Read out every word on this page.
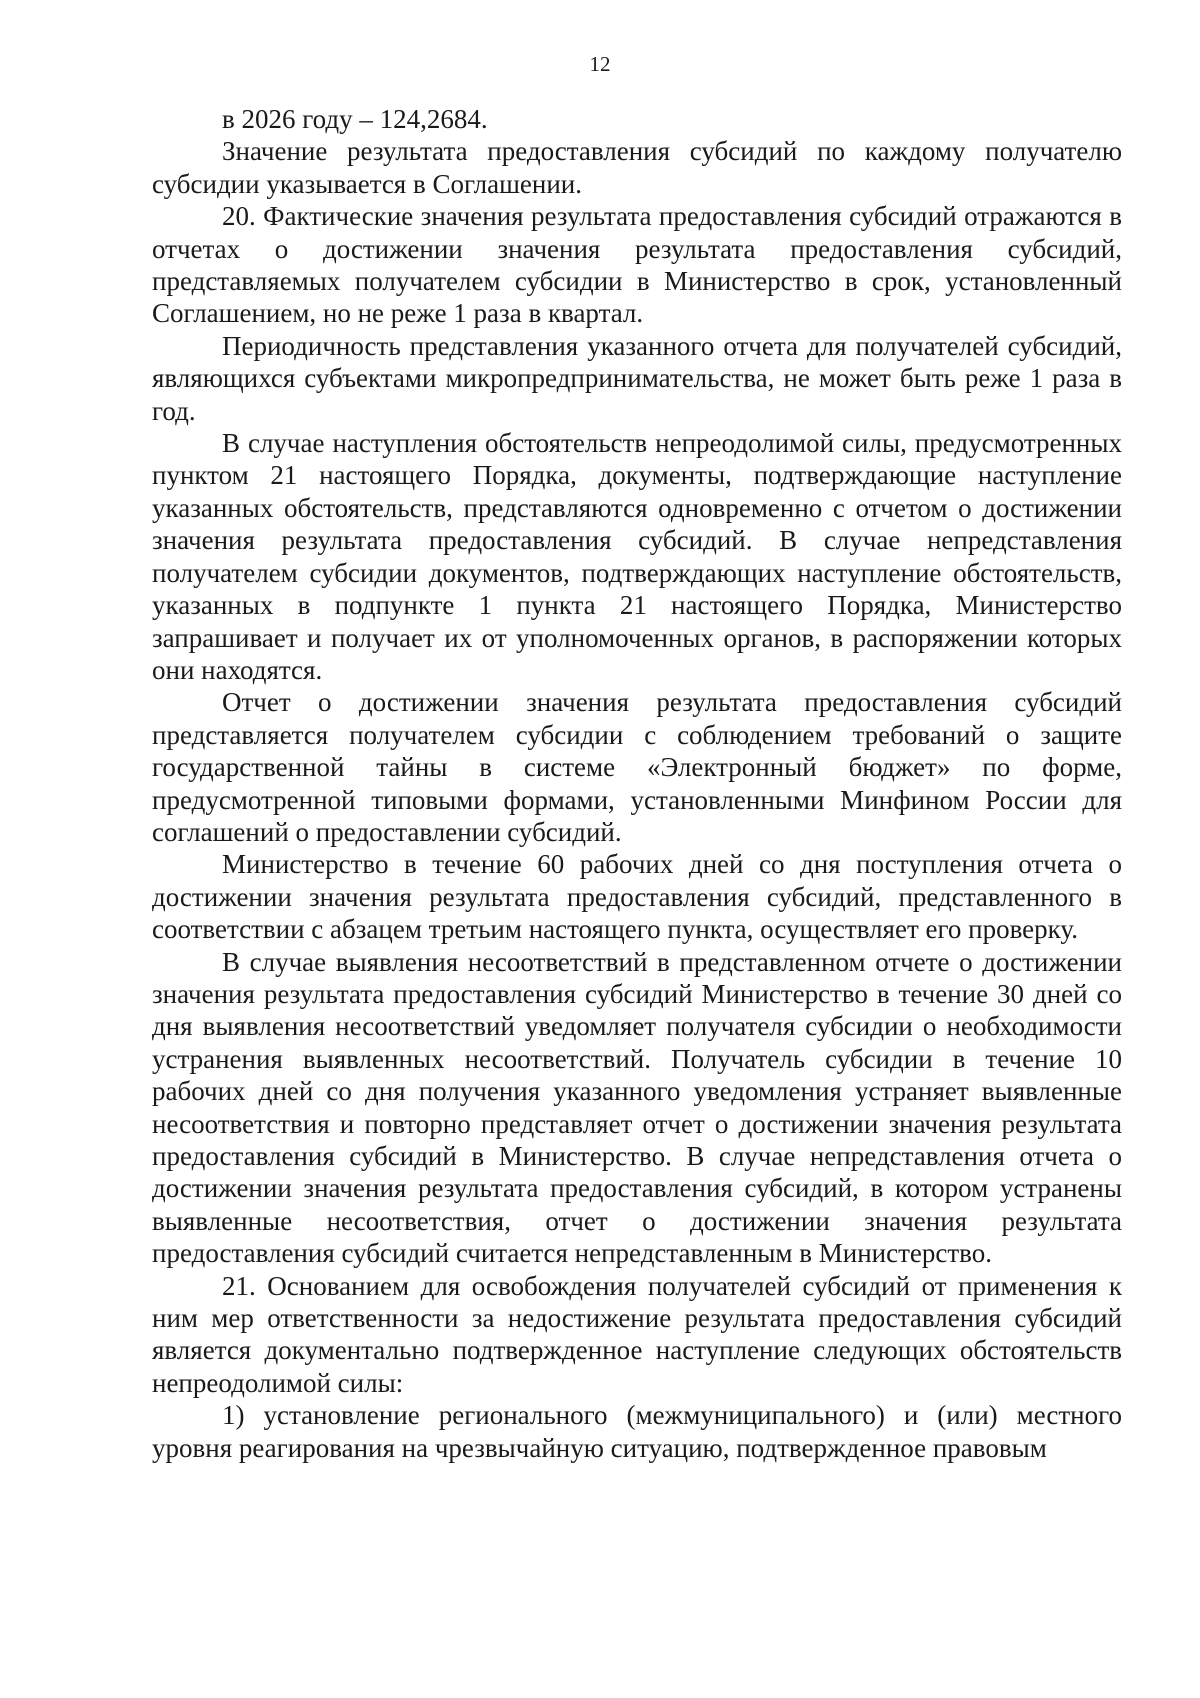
12

в 2026 году – 124,2684.

Значение результата предоставления субсидий по каждому получателю субсидии указывается в Соглашении.

20. Фактические значения результата предоставления субсидий отражаются в отчетах о достижении значения результата предоставления субсидий, представляемых получателем субсидии в Министерство в срок, установленный Соглашением, но не реже 1 раза в квартал.

Периодичность представления указанного отчета для получателей субсидий, являющихся субъектами микропредпринимательства, не может быть реже 1 раза в год.

В случае наступления обстоятельств непреодолимой силы, предусмотренных пунктом 21 настоящего Порядка, документы, подтверждающие наступление указанных обстоятельств, представляются одновременно с отчетом о достижении значения результата предоставления субсидий. В случае непредставления получателем субсидии документов, подтверждающих наступление обстоятельств, указанных в подпункте 1 пункта 21 настоящего Порядка, Министерство запрашивает и получает их от уполномоченных органов, в распоряжении которых они находятся.

Отчет о достижении значения результата предоставления субсидий представляется получателем субсидии с соблюдением требований о защите государственной тайны в системе «Электронный бюджет» по форме, предусмотренной типовыми формами, установленными Минфином России для соглашений о предоставлении субсидий.

Министерство в течение 60 рабочих дней со дня поступления отчета о достижении значения результата предоставления субсидий, представленного в соответствии с абзацем третьим настоящего пункта, осуществляет его проверку.

В случае выявления несоответствий в представленном отчете о достижении значения результата предоставления субсидий Министерство в течение 30 дней со дня выявления несоответствий уведомляет получателя субсидии о необходимости устранения выявленных несоответствий. Получатель субсидии в течение 10 рабочих дней со дня получения указанного уведомления устраняет выявленные несоответствия и повторно представляет отчет о достижении значения результата предоставления субсидий в Министерство. В случае непредставления отчета о достижении значения результата предоставления субсидий, в котором устранены выявленные несоответствия, отчет о достижении значения результата предоставления субсидий считается непредставленным в Министерство.

21. Основанием для освобождения получателей субсидий от применения к ним мер ответственности за недостижение результата предоставления субсидий является документально подтвержденное наступление следующих обстоятельств непреодолимой силы:

1) установление регионального (межмуниципального) и (или) местного уровня реагирования на чрезвычайную ситуацию, подтвержденное правовым
